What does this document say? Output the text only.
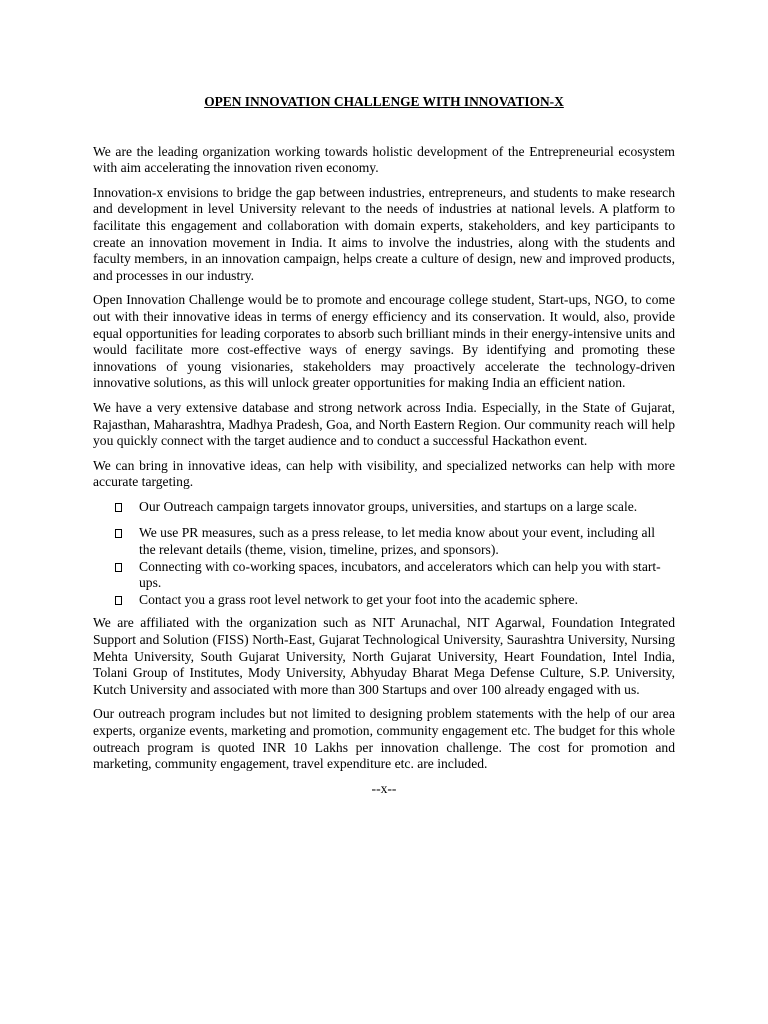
OPEN INNOVATION CHALLENGE WITH INNOVATION-X

We are the leading organization working towards holistic development of the Entrepreneurial ecosystem with aim accelerating the innovation riven economy.

Innovation-x envisions to bridge the gap between industries, entrepreneurs, and students to make research and development in level University relevant to the needs of industries at national levels. A platform to facilitate this engagement and collaboration with domain experts, stakeholders, and key participants to create an innovation movement in India. It aims to involve the industries, along with the students and faculty members, in an innovation campaign, helps create a culture of design, new and improved products, and processes in our industry.

Open Innovation Challenge would be to promote and encourage college student, Start-ups, NGO, to come out with their innovative ideas in terms of energy efficiency and its conservation. It would, also, provide equal opportunities for leading corporates to absorb such brilliant minds in their energy-intensive units and would facilitate more cost-effective ways of energy savings. By identifying and promoting these innovations of young visionaries, stakeholders may proactively accelerate the technology-driven innovative solutions, as this will unlock greater opportunities for making India an efficient nation.

We have a very extensive database and strong network across India. Especially, in the State of Gujarat, Rajasthan, Maharashtra, Madhya Pradesh, Goa, and North Eastern Region. Our community reach will help you quickly connect with the target audience and to conduct a successful Hackathon event.

We can bring in innovative ideas, can help with visibility, and specialized networks can help with more accurate targeting.

Our Outreach campaign targets innovator groups, universities, and startups on a large scale.
We use PR measures, such as a press release, to let media know about your event, including all the relevant details (theme, vision, timeline, prizes, and sponsors).
Connecting with co-working spaces, incubators, and accelerators which can help you with start-ups.
Contact you a grass root level network to get your foot into the academic sphere.

We are affiliated with the organization such as NIT Arunachal, NIT Agarwal, Foundation Integrated Support and Solution (FISS) North-East, Gujarat Technological University, Saurashtra University, Nursing Mehta University, South Gujarat University, North Gujarat University, Heart Foundation, Intel India, Tolani Group of Institutes, Mody University, Abhyuday Bharat Mega Defense Culture, S.P. University, Kutch University and associated with more than 300 Startups and over 100 already engaged with us.

Our outreach program includes but not limited to designing problem statements with the help of our area experts, organize events, marketing and promotion, community engagement etc. The budget for this whole outreach program is quoted INR 10 Lakhs per innovation challenge. The cost for promotion and marketing, community engagement, travel expenditure etc. are included.

--x--
